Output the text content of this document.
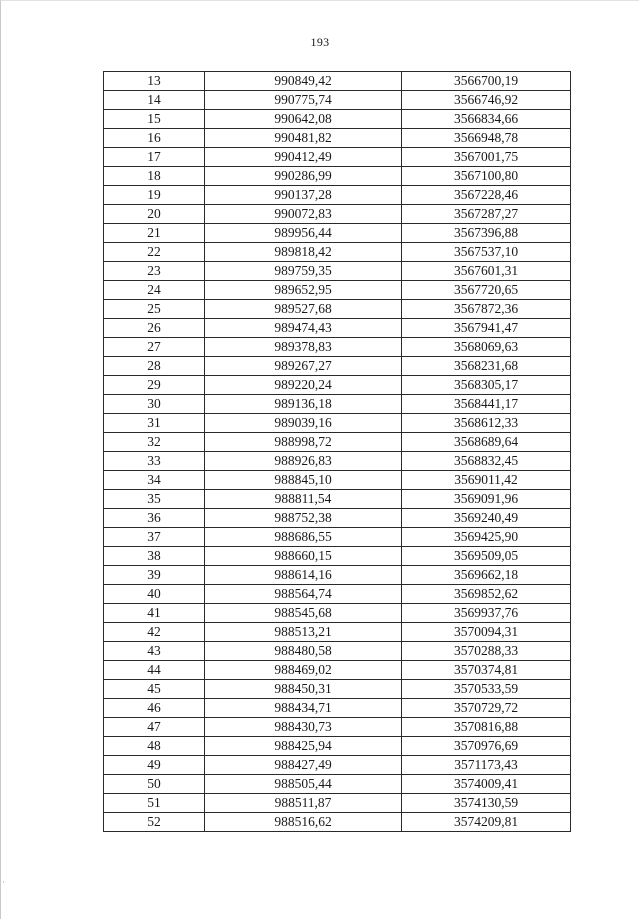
193
13	990849,42	3566700,19
14	990775,74	3566746,92
15	990642,08	3566834,66
16	990481,82	3566948,78
17	990412,49	3567001,75
18	990286,99	3567100,80
19	990137,28	3567228,46
20	990072,83	3567287,27
21	989956,44	3567396,88
22	989818,42	3567537,10
23	989759,35	3567601,31
24	989652,95	3567720,65
25	989527,68	3567872,36
26	989474,43	3567941,47
27	989378,83	3568069,63
28	989267,27	3568231,68
29	989220,24	3568305,17
30	989136,18	3568441,17
31	989039,16	3568612,33
32	988998,72	3568689,64
33	988926,83	3568832,45
34	988845,10	3569011,42
35	988811,54	3569091,96
36	988752,38	3569240,49
37	988686,55	3569425,90
38	988660,15	3569509,05
39	988614,16	3569662,18
40	988564,74	3569852,62
41	988545,68	3569937,76
42	988513,21	3570094,31
43	988480,58	3570288,33
44	988469,02	3570374,81
45	988450,31	3570533,59
46	988434,71	3570729,72
47	988430,73	3570816,88
48	988425,94	3570976,69
49	988427,49	3571173,43
50	988505,44	3574009,41
51	988511,87	3574130,59
52	988516,62	3574209,81
·
